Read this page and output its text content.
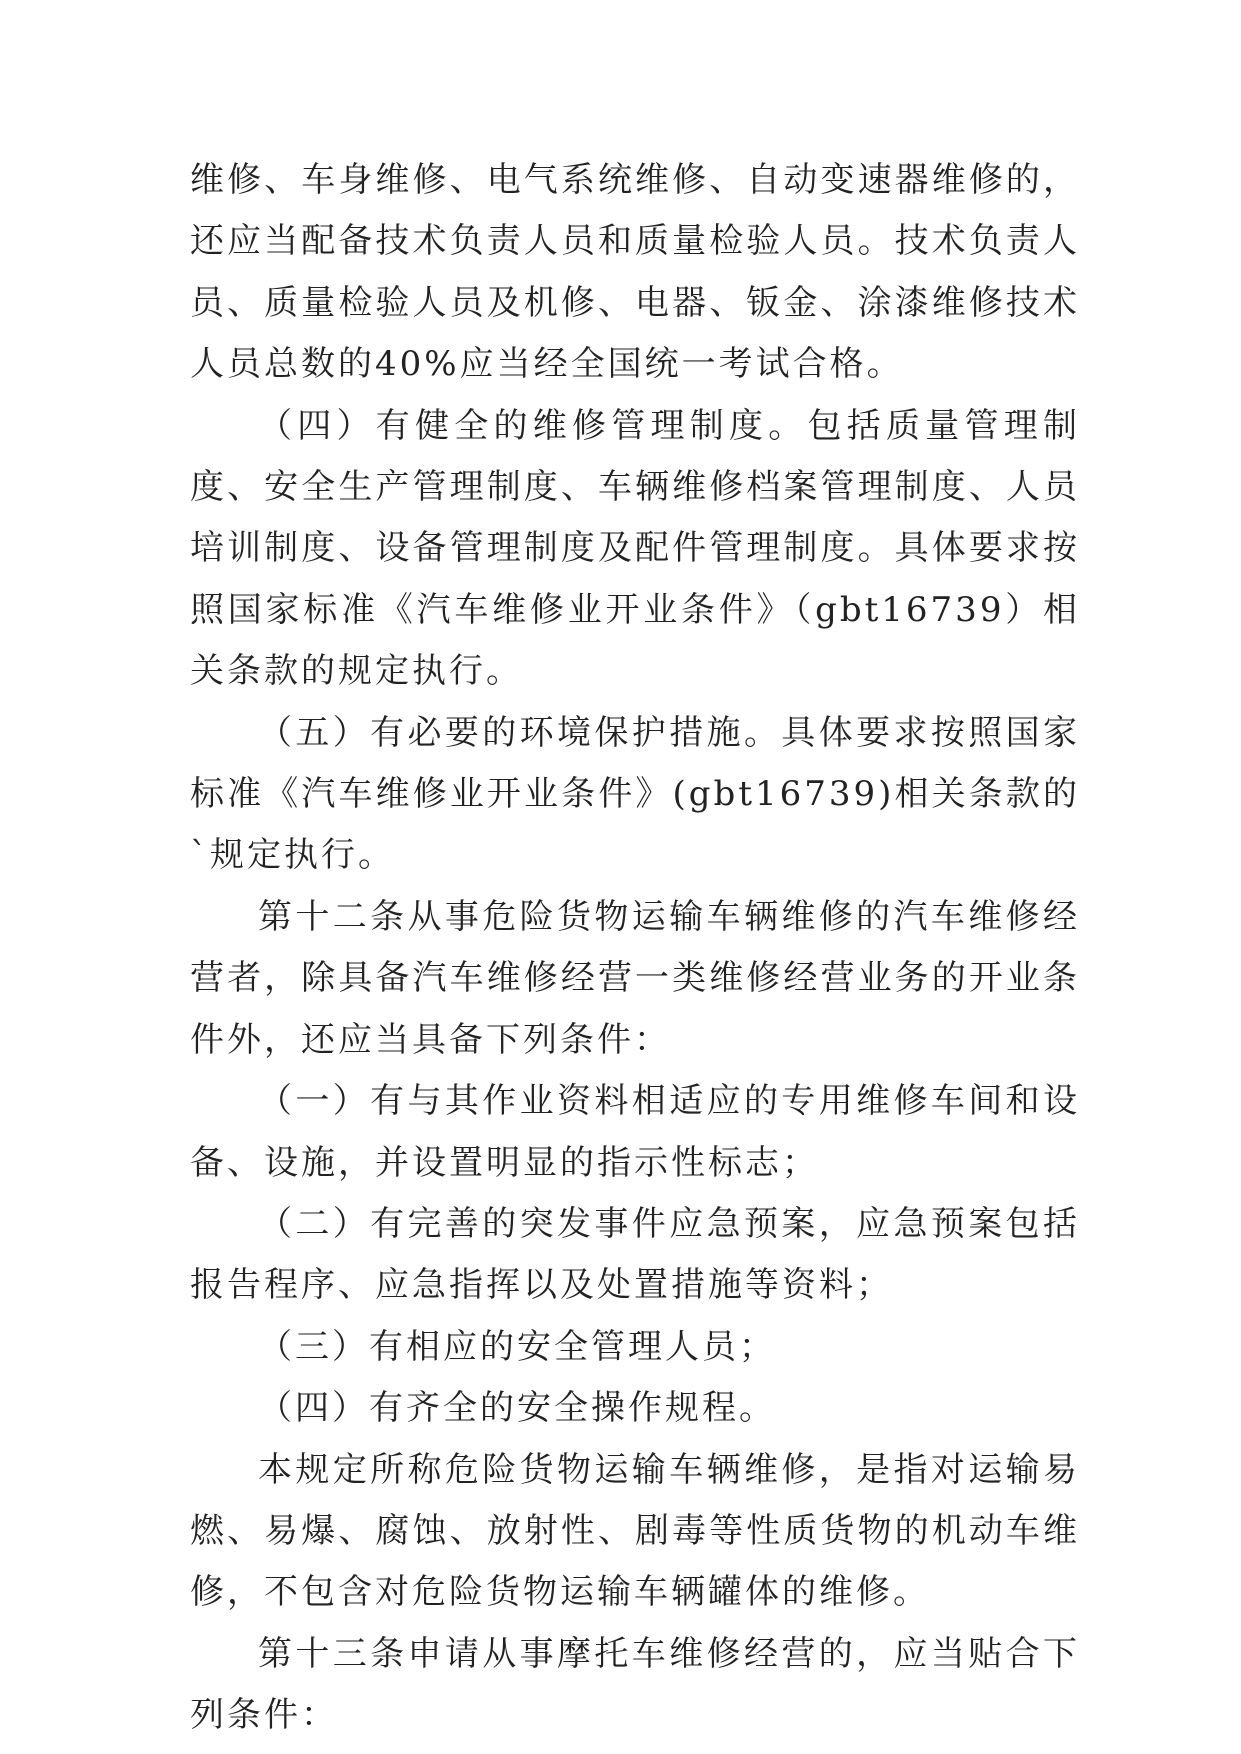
维修、车身维修、电气系统维修、自动变速器维修的，还应当配备技术负责人员和质量检验人员。技术负责人员、质量检验人员及机修、电器、钣金、涂漆维修技术人员总数的40%应当经全国统一考试合格。

（四）有健全的维修管理制度。包括质量管理制度、安全生产管理制度、车辆维修档案管理制度、人员培训制度、设备管理制度及配件管理制度。具体要求按照国家标准《汽车维修业开业条件》（gbt16739）相关条款的规定执行。

（五）有必要的环境保护措施。具体要求按照国家标准《汽车维修业开业条件》(gbt16739)相关条款的`规定执行。

第十二条从事危险货物运输车辆维修的汽车维修经营者，除具备汽车维修经营一类维修经营业务的开业条件外，还应当具备下列条件：

（一）有与其作业资料相适应的专用维修车间和设备、设施，并设置明显的指示性标志；

（二）有完善的突发事件应急预案，应急预案包括报告程序、应急指挥以及处置措施等资料；

（三）有相应的安全管理人员；

（四）有齐全的安全操作规程。

本规定所称危险货物运输车辆维修，是指对运输易燃、易爆、腐蚀、放射性、剧毒等性质货物的机动车维修，不包含对危险货物运输车辆罐体的维修。

第十三条申请从事摩托车维修经营的，应当贴合下列条件：
